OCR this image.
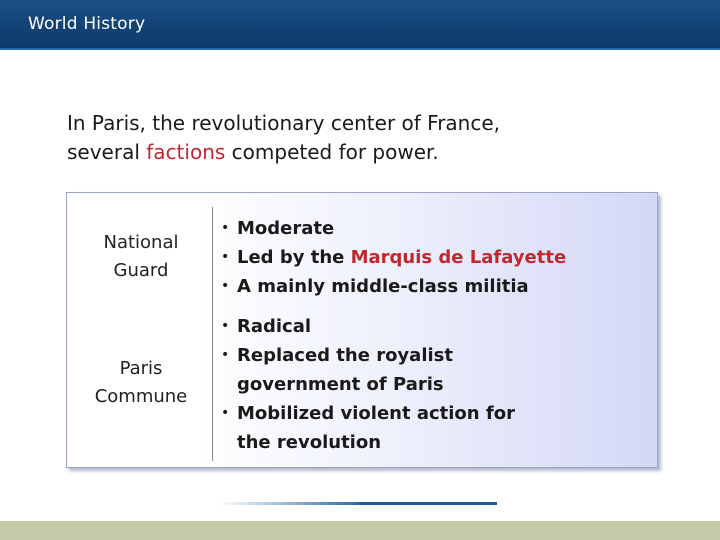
World History
In Paris, the revolutionary center of France,
several factions competed for power.
National
Guard
• Moderate
• Led by the Marquis de Lafayette
• A mainly middle-class militia
Paris
Commune
• Radical
• Replaced the royalist
government of Paris
• Mobilized violent action for
the revolution
